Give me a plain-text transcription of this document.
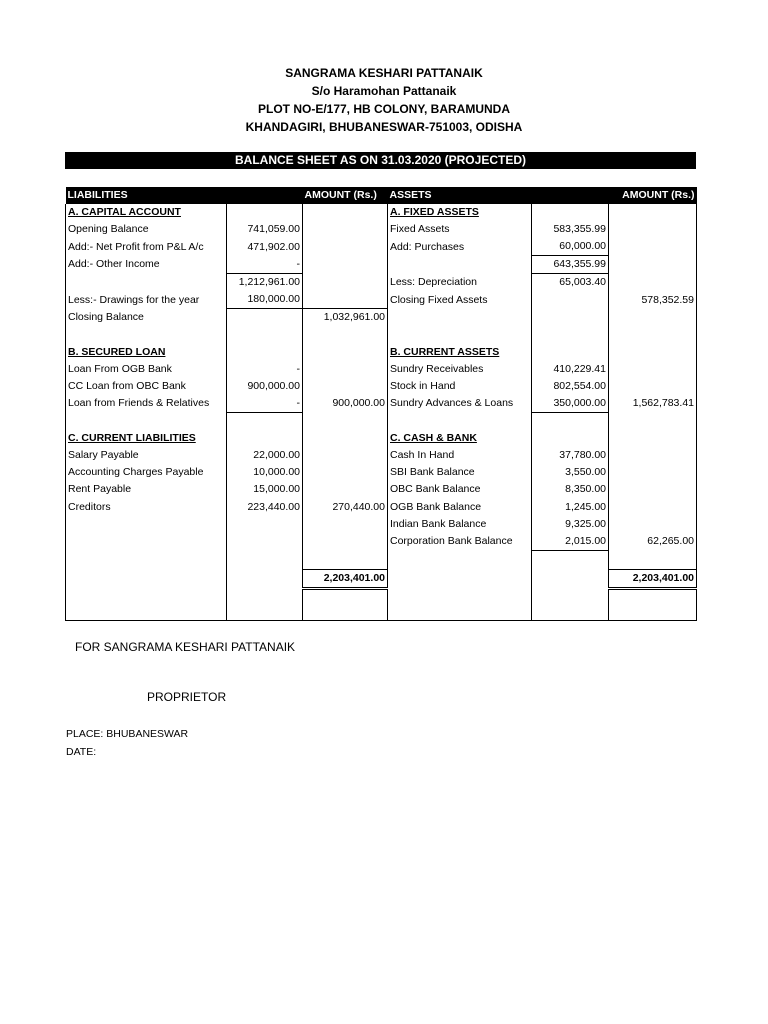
SANGRAMA KESHARI PATTANAIK
S/o Haramohan Pattanaik
PLOT NO-E/177, HB COLONY, BARAMUNDA
KHANDAGIRI, BHUBANESWAR-751003, ODISHA
BALANCE SHEET AS ON 31.03.2020 (PROJECTED)
LIABILITIES		AMOUNT (Rs.)	ASSETS		AMOUNT (Rs.)
A. CAPITAL ACCOUNT			A. FIXED ASSETS		
Opening Balance	741,059.00		Fixed Assets	583,355.99	
Add:- Net Profit from P&L A/c	471,902.00		Add: Purchases	60,000.00	
Add:- Other Income	-			643,355.99	
	1,212,961.00		Less: Depreciation	65,003.40	
Less:- Drawings for the year	180,000.00		Closing Fixed Assets		578,352.59
Closing Balance		1,032,961.00			

B. SECURED LOAN			B. CURRENT ASSETS		
Loan From OGB Bank	-		Sundry Receivables	410,229.41	
CC Loan from OBC Bank	900,000.00		Stock in Hand	802,554.00	
Loan from Friends & Relatives	-	900,000.00	Sundry Advances & Loans	350,000.00	1,562,783.41

C. CURRENT LIABILITIES			C. CASH & BANK		
Salary Payable	22,000.00		Cash In Hand	37,780.00	
Accounting Charges Payable	10,000.00		SBI Bank Balance	3,550.00	
Rent Payable	15,000.00		OBC Bank Balance	8,350.00	
Creditors	223,440.00	270,440.00	OGB Bank Balance	1,245.00	
			Indian Bank Balance	9,325.00	
			Corporation Bank Balance	2,015.00	62,265.00

		2,203,401.00			2,203,401.00

FOR SANGRAMA KESHARI PATTANAIK
PROPRIETOR
PLACE: BHUBANESWAR
DATE:
